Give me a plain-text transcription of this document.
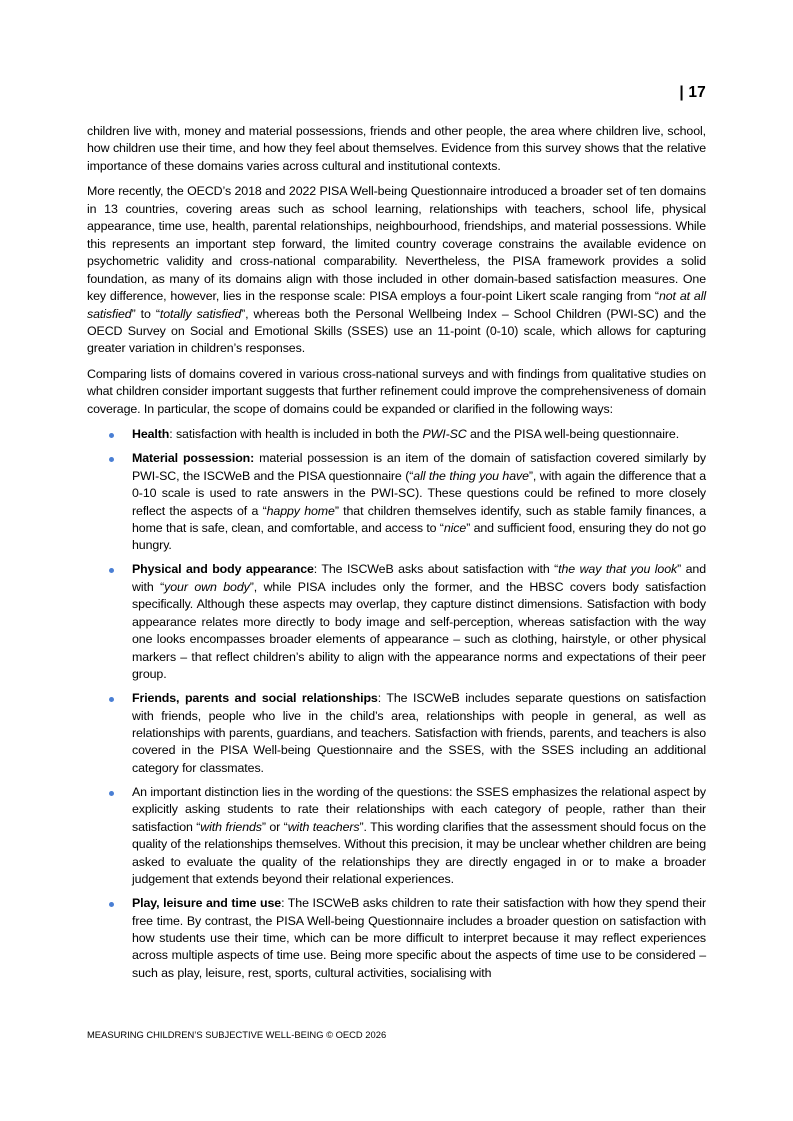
| 17

children live with, money and material possessions, friends and other people, the area where children live, school, how children use their time, and how they feel about themselves. Evidence from this survey shows that the relative importance of these domains varies across cultural and institutional contexts.

More recently, the OECD’s 2018 and 2022 PISA Well-being Questionnaire introduced a broader set of ten domains in 13 countries, covering areas such as school learning, relationships with teachers, school life, physical appearance, time use, health, parental relationships, neighbourhood, friendships, and material possessions. While this represents an important step forward, the limited country coverage constrains the available evidence on psychometric validity and cross-national comparability. Nevertheless, the PISA framework provides a solid foundation, as many of its domains align with those included in other domain-based satisfaction measures. One key difference, however, lies in the response scale: PISA employs a four-point Likert scale ranging from “not at all satisfied” to “totally satisfied”, whereas both the Personal Wellbeing Index – School Children (PWI-SC) and the OECD Survey on Social and Emotional Skills (SSES) use an 11-point (0-10) scale, which allows for capturing greater variation in children’s responses.

Comparing lists of domains covered in various cross-national surveys and with findings from qualitative studies on what children consider important suggests that further refinement could improve the comprehensiveness of domain coverage. In particular, the scope of domains could be expanded or clarified in the following ways:

Health: satisfaction with health is included in both the PWI-SC and the PISA well-being questionnaire.
Material possession: material possession is an item of the domain of satisfaction covered similarly by PWI-SC, the ISCWeB and the PISA questionnaire (“all the thing you have”, with again the difference that a 0-10 scale is used to rate answers in the PWI-SC). These questions could be refined to more closely reflect the aspects of a “happy home” that children themselves identify, such as stable family finances, a home that is safe, clean, and comfortable, and access to “nice” and sufficient food, ensuring they do not go hungry.
Physical and body appearance: The ISCWeB asks about satisfaction with “the way that you look” and with “your own body”, while PISA includes only the former, and the HBSC covers body satisfaction specifically. Although these aspects may overlap, they capture distinct dimensions. Satisfaction with body appearance relates more directly to body image and self-perception, whereas satisfaction with the way one looks encompasses broader elements of appearance – such as clothing, hairstyle, or other physical markers – that reflect children’s ability to align with the appearance norms and expectations of their peer group.
Friends, parents and social relationships: The ISCWeB includes separate questions on satisfaction with friends, people who live in the child’s area, relationships with people in general, as well as relationships with parents, guardians, and teachers. Satisfaction with friends, parents, and teachers is also covered in the PISA Well-being Questionnaire and the SSES, with the SSES including an additional category for classmates.
An important distinction lies in the wording of the questions: the SSES emphasizes the relational aspect by explicitly asking students to rate their relationships with each category of people, rather than their satisfaction “with friends” or “with teachers”. This wording clarifies that the assessment should focus on the quality of the relationships themselves. Without this precision, it may be unclear whether children are being asked to evaluate the quality of the relationships they are directly engaged in or to make a broader judgement that extends beyond their relational experiences.
Play, leisure and time use: The ISCWeB asks children to rate their satisfaction with how they spend their free time. By contrast, the PISA Well-being Questionnaire includes a broader question on satisfaction with how students use their time, which can be more difficult to interpret because it may reflect experiences across multiple aspects of time use. Being more specific about the aspects of time use to be considered – such as play, leisure, rest, sports, cultural activities, socialising with
MEASURING CHILDREN’S SUBJECTIVE WELL-BEING © OECD 2026
